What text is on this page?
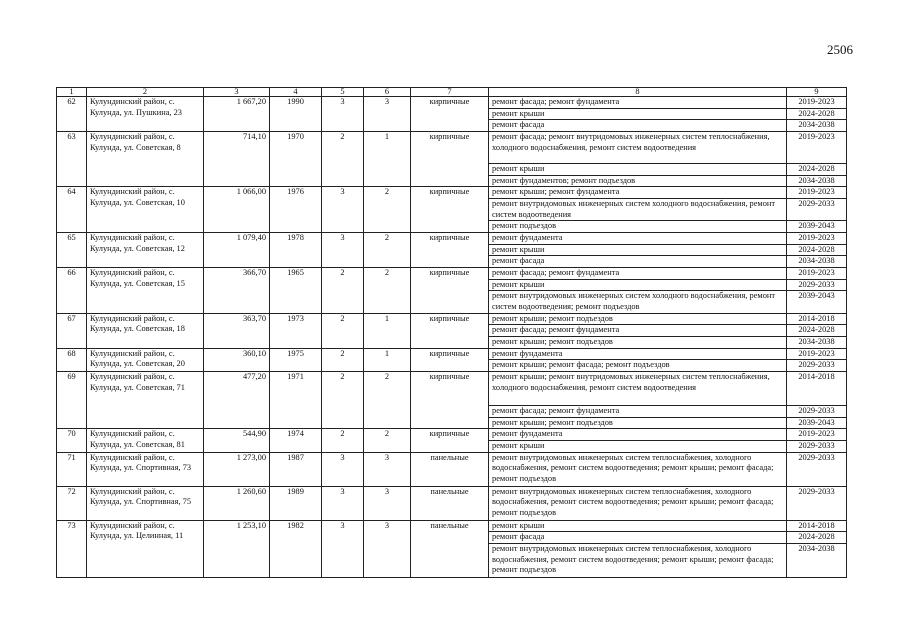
2506
1	2	3	4	5	6	7	8	9
62	Кулундинский район, с. Кулунда, ул. Пушкина, 23	1 667,20	1990	3	3	кирпичные	ремонт фасада; ремонт фундамента	2019-2023
							ремонт крыши	2024-2028
							ремонт фасада	2034-2038
63	Кулундинский район, с. Кулунда, ул. Советская, 8	714,10	1970	2	1	кирпичные	ремонт фасада; ремонт внутридомовых инженерных систем теплоснабжения, холодного водоснабжения, ремонт систем водоотведения	2019-2023
							ремонт крыши	2024-2028
							ремонт фундаментов; ремонт подъездов	2034-2038
64	Кулундинский район, с. Кулунда, ул. Советская, 10	1 066,00	1976	3	2	кирпичные	ремонт крыши; ремонт фундамента	2019-2023
							ремонт внутридомовых инженерных систем холодного водоснабжения, ремонт систем водоотведения	2029-2033
							ремонт подъездов	2039-2043
65	Кулундинский район, с. Кулунда, ул. Советская, 12	1 079,40	1978	3	2	кирпичные	ремонт фундамента	2019-2023
							ремонт крыши	2024-2028
							ремонт фасада	2034-2038
66	Кулундинский район, с. Кулунда, ул. Советская, 15	366,70	1965	2	2	кирпичные	ремонт фасада; ремонт фундамента	2019-2023
							ремонт крыши	2029-2033
							ремонт внутридомовых инженерных систем холодного водоснабжения, ремонт систем водоотведения; ремонт подъездов	2039-2043
67	Кулундинский район, с. Кулунда, ул. Советская, 18	363,70	1973	2	1	кирпичные	ремонт крыши; ремонт подъездов	2014-2018
							ремонт фасада; ремонт фундамента	2024-2028
							ремонт крыши; ремонт подъездов	2034-2038
68	Кулундинский район, с. Кулунда, ул. Советская, 20	360,10	1975	2	1	кирпичные	ремонт фундамента	2019-2023
							ремонт крыши; ремонт фасада; ремонт подъездов	2029-2033
69	Кулундинский район, с. Кулунда, ул. Советская, 71	477,20	1971	2	2	кирпичные	ремонт крыши; ремонт внутридомовых инженерных систем теплоснабжения, холодного водоснабжения, ремонт систем водоотведения	2014-2018
							ремонт фасада; ремонт фундамента	2029-2033
							ремонт крыши; ремонт подъездов	2039-2043
70	Кулундинский район, с. Кулунда, ул. Советская, 81	544,90	1974	2	2	кирпичные	ремонт фундамента	2019-2023
							ремонт крыши	2029-2033
71	Кулундинский район, с. Кулунда, ул. Спортивная, 73	1 273,00	1987	3	3	панельные	ремонт внутридомовых инженерных систем теплоснабжения, холодного водоснабжения, ремонт систем водоотведения; ремонт крыши; ремонт фасада; ремонт подъездов	2029-2033
72	Кулундинский район, с. Кулунда, ул. Спортивная, 75	1 260,60	1989	3	3	панельные	ремонт внутридомовых инженерных систем теплоснабжения, холодного водоснабжения, ремонт систем водоотведения; ремонт крыши; ремонт фасада; ремонт подъездов	2029-2033
73	Кулундинский район, с. Кулунда, ул. Целинная, 11	1 253,10	1982	3	3	панельные	ремонт крыши	2014-2018
							ремонт фасада	2024-2028
							ремонт внутридомовых инженерных систем теплоснабжения, холодного водоснабжения, ремонт систем водоотведения; ремонт крыши; ремонт фасада; ремонт подъездов	2034-2038
